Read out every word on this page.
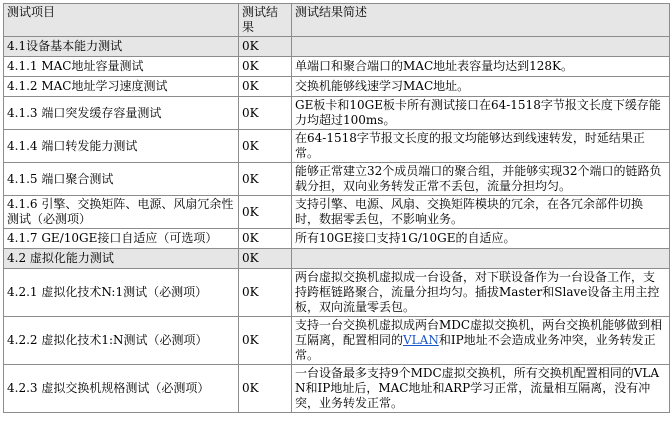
测试项目	测试结果	测试结果简述
4.1设备基本能力测试	0K	
4.1.1 MAC地址容量测试	0K	单端口和聚合端口的MAC地址表容量均达到128K。
4.1.2 MAC地址学习速度测试	0K	交换机能够线速学习MAC地址。
4.1.3 端口突发缓存容量测试	0K	GE板卡和10GE板卡所有测试接口在64-1518字节报文长度下缓存能力均超过100ms。
4.1.4 端口转发能力测试	0K	在64-1518字节报文长度的报文均能够达到线速转发，时延结果正常。
4.1.5 端口聚合测试	0K	能够正常建立32个成员端口的聚合组，并能够实现32个端口的链路负载分担，双向业务转发正常不丢包，流量分担均匀。
4.1.6 引擎、交换矩阵、电源、风扇冗余性测试（必测项）	0K	支持引擎、电源、风扇、交换矩阵模块的冗余，在各冗余部件切换时，数据零丢包，不影响业务。
4.1.7 GE/10GE接口自适应（可选项）	0K	所有10GE接口支持1G/10GE的自适应。
4.2 虚拟化能力测试	0K	
4.2.1 虚拟化技术N:1测试（必测项）	0K	两台虚拟交换机虚拟成一台设备，对下联设备作为一台设备工作，支持跨框链路聚合，流量分担均匀。插拔Master和Slave设备主用主控板，双向流量零丢包。
4.2.2 虚拟化技术1:N测试（必测项）	0K	支持一台交换机虚拟成两台MDC虚拟交换机，两台交换机能够做到相互隔离，配置相同的VLAN和IP地址不会造成业务冲突，业务转发正常。
4.2.3 虚拟交换机规格测试（必测项）	0K	一台设备最多支持9个MDC虚拟交换机，所有交换机配置相同的VLAN和IP地址后，MAC地址和ARP学习正常，流量相互隔离，没有冲突，业务转发正常。
